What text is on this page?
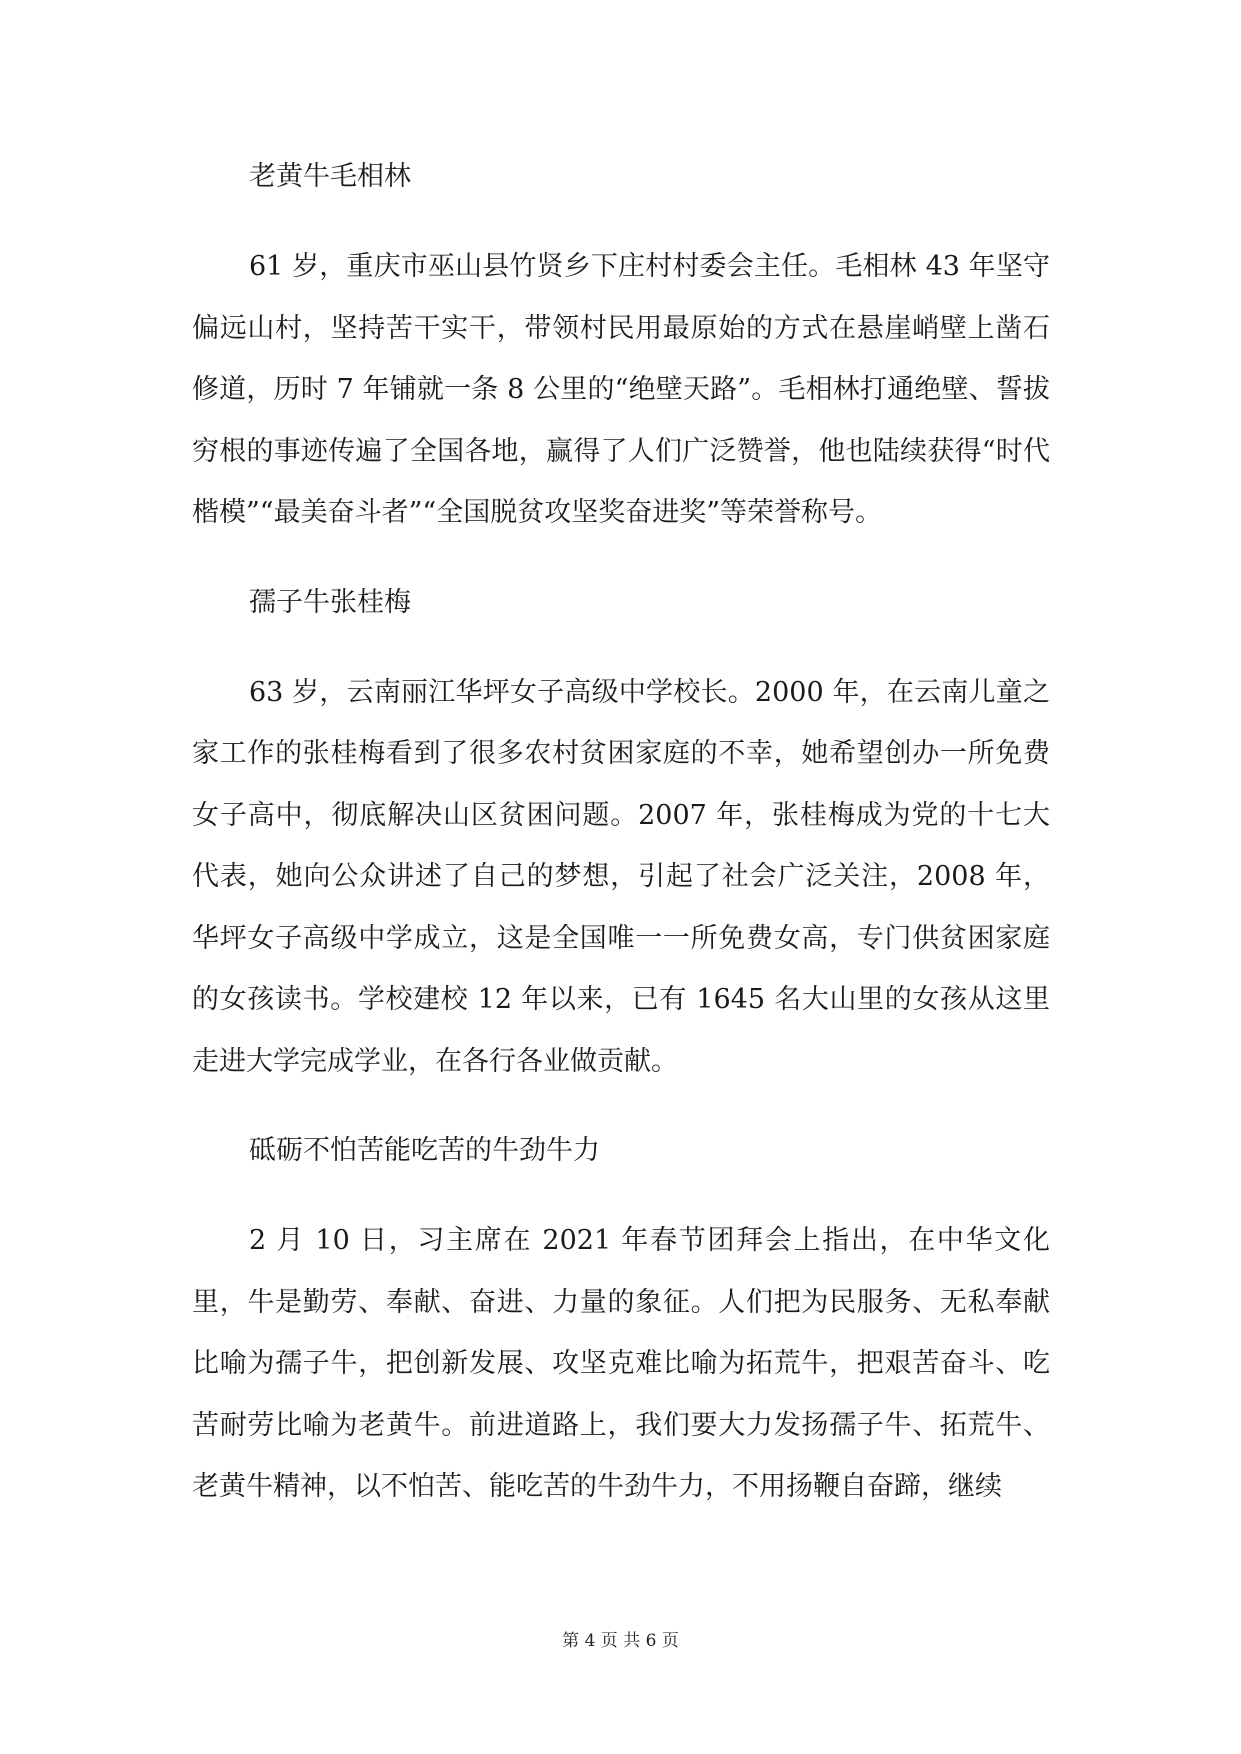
老黄牛毛相林

61 岁，重庆市巫山县竹贤乡下庄村村委会主任。毛相林 43 年坚守偏远山村，坚持苦干实干，带领村民用最原始的方式在悬崖峭壁上凿石修道，历时 7 年铺就一条 8 公里的“绝壁天路”。毛相林打通绝壁、誓拔穷根的事迹传遍了全国各地，赢得了人们广泛赞誉，他也陆续获得“时代楷模”“最美奋斗者”“全国脱贫攻坚奖奋进奖”等荣誉称号。

孺子牛张桂梅

63 岁，云南丽江华坪女子高级中学校长。2000 年，在云南儿童之家工作的张桂梅看到了很多农村贫困家庭的不幸，她希望创办一所免费女子高中，彻底解决山区贫困问题。2007 年，张桂梅成为党的十七大代表，她向公众讲述了自己的梦想，引起了社会广泛关注，2008 年，华坪女子高级中学成立，这是全国唯一一所免费女高，专门供贫困家庭的女孩读书。学校建校 12 年以来，已有 1645 名大山里的女孩从这里走进大学完成学业，在各行各业做贡献。

砥砺不怕苦能吃苦的牛劲牛力

2 月 10 日，习主席在 2021 年春节团拜会上指出，在中华文化里，牛是勤劳、奉献、奋进、力量的象征。人们把为民服务、无私奉献比喻为孺子牛，把创新发展、攻坚克难比喻为拓荒牛，把艰苦奋斗、吃苦耐劳比喻为老黄牛。前进道路上，我们要大力发扬孺子牛、拓荒牛、老黄牛精神，以不怕苦、能吃苦的牛劲牛力，不用扬鞭自奋蹄，继续

第 4 页 共 6 页
